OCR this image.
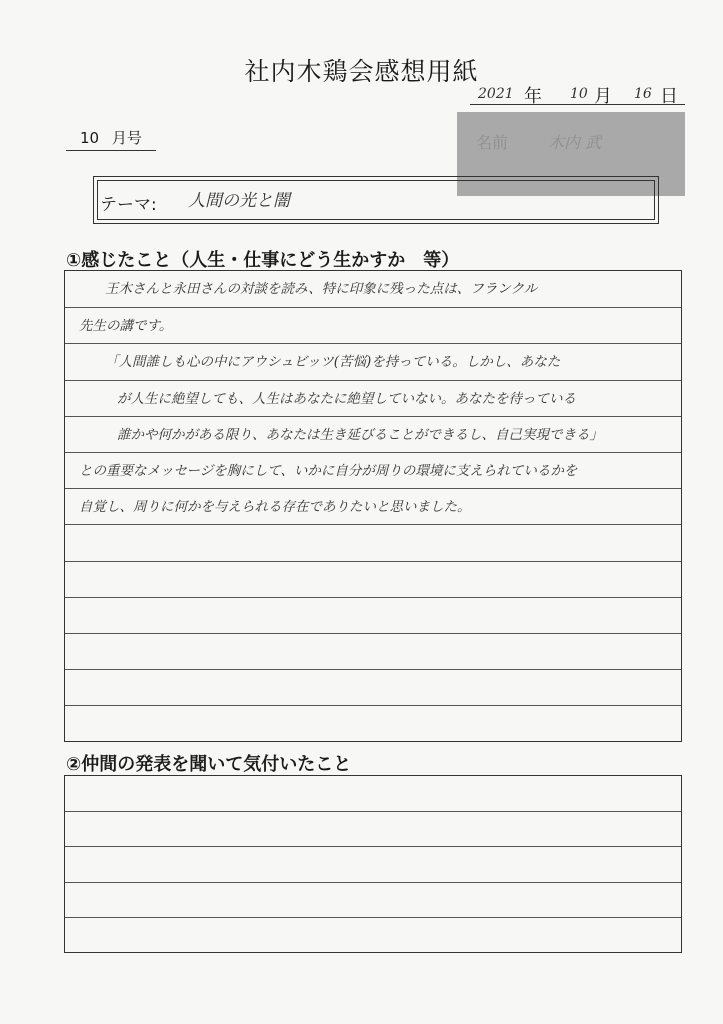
社内木鶏会感想用紙
2021 年 10 月 16 日
10 月号	名前 木内 武
テーマ: 人間の光と闇
①感じたこと（人生・仕事にどう生かすか　等）
王木さんと永田さんの対談を読み、特に印象に残った点は、フランクル
先生の講です。
「人間誰しも心の中にアウシュビッツ(苦悩)を持っている。しかし、あなた
が人生に絶望しても、人生はあなたに絶望していない。あなたを待っている
誰かや何かがある限り、あなたは生き延びることができるし、自己実現できる」
との重要なメッセージを胸にして、いかに自分が周りの環境に支えられているかを
自覚し、周りに何かを与えられる存在でありたいと思いました。
②仲間の発表を聞いて気付いたこと
